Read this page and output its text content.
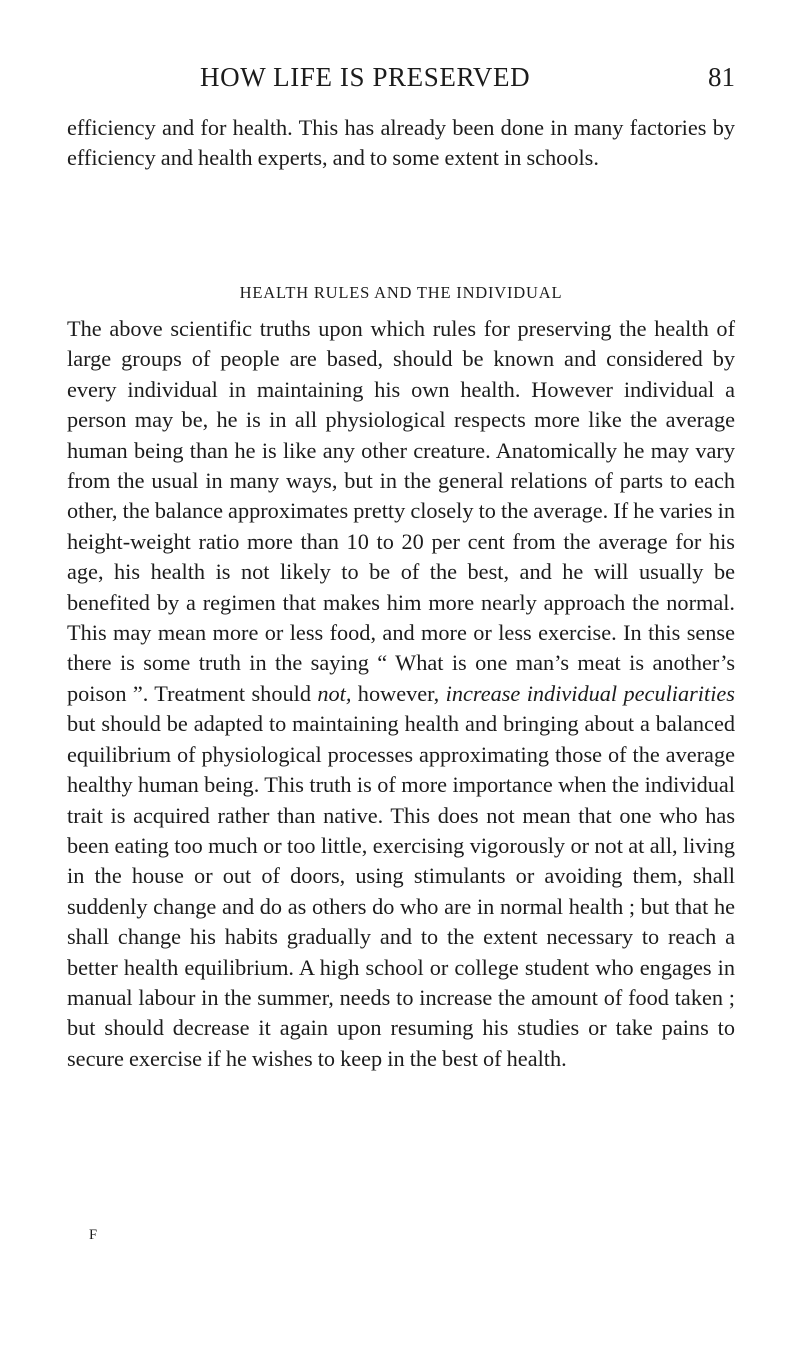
HOW LIFE IS PRESERVED	81

efficiency and for health. This has already been done in many factories by efficiency and health experts, and to some extent in schools.

HEALTH RULES AND THE INDIVIDUAL

The above scientific truths upon which rules for preserving the health of large groups of people are based, should be known and considered by every individual in maintaining his own health. However individual a person may be, he is in all physiological respects more like the average human being than he is like any other creature. Anatomically he may vary from the usual in many ways, but in the general relations of parts to each other, the balance approximates pretty closely to the average. If he varies in height-weight ratio more than 10 to 20 per cent from the average for his age, his health is not likely to be of the best, and he will usually be benefited by a regimen that makes him more nearly approach the normal. This may mean more or less food, and more or less exercise. In this sense there is some truth in the saying “ What is one man’s meat is another’s poison ”. Treatment should not, however, increase individual peculiarities but should be adapted to maintaining health and bringing about a balanced equilibrium of physiological processes approximating those of the average healthy human being. This truth is of more importance when the individual trait is acquired rather than native. This does not mean that one who has been eating too much or too little, exercising vigorously or not at all, living in the house or out of doors, using stimulants or avoiding them, shall suddenly change and do as others do who are in normal health ; but that he shall change his habits gradually and to the extent necessary to reach a better health equilibrium. A high school or college student who engages in manual labour in the summer, needs to increase the amount of food taken ; but should decrease it again upon resuming his studies or take pains to secure exercise if he wishes to keep in the best of health.

F
